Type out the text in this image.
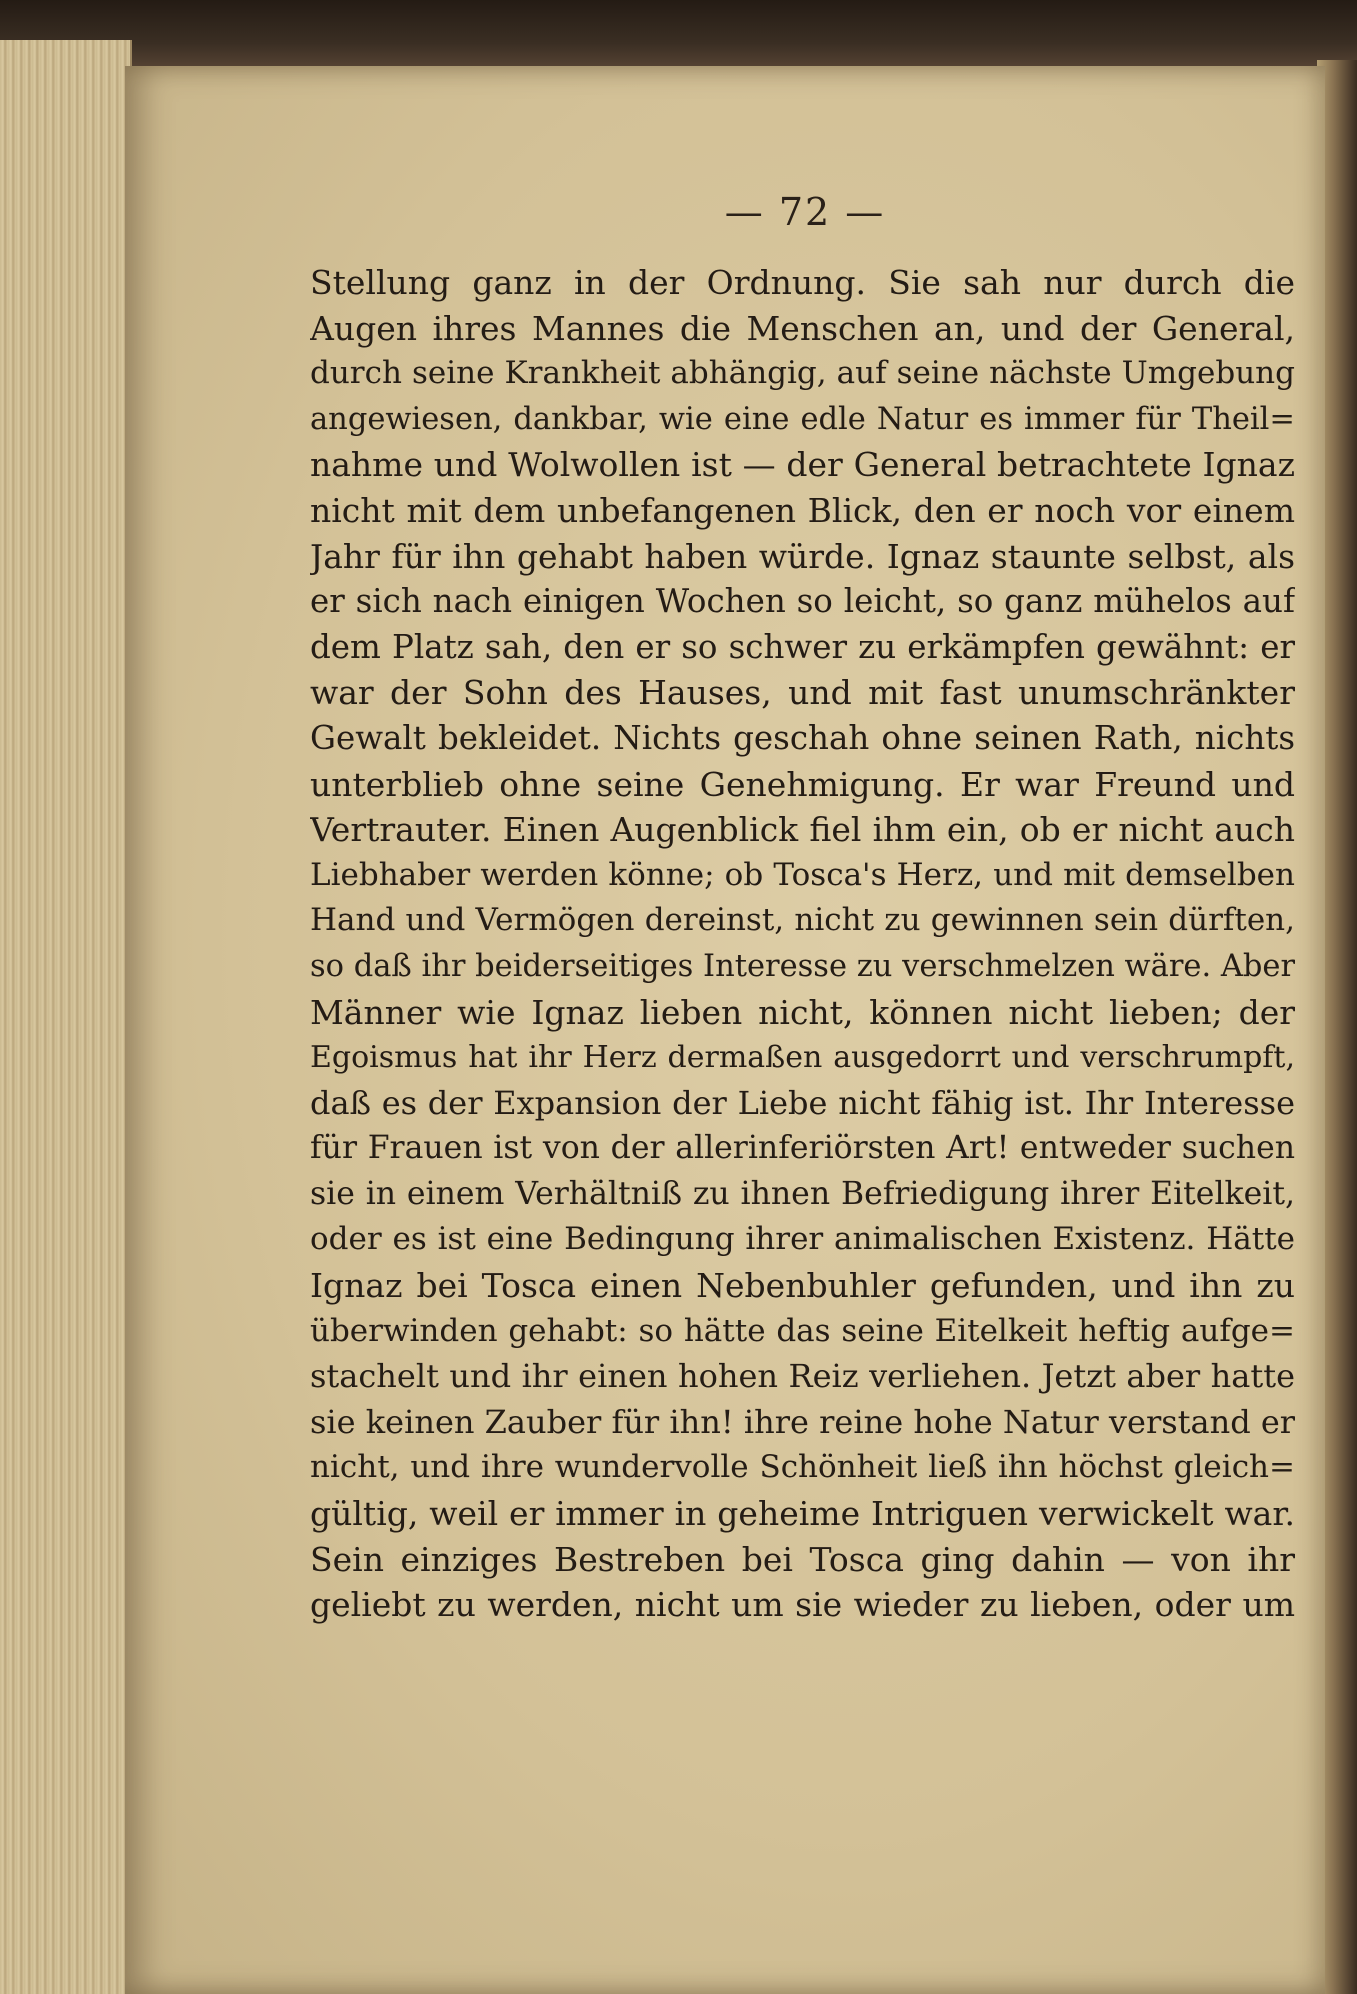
— 72 —
Stellung ganz in der Ordnung. Sie sah nur durch die
Augen ihres Mannes die Menschen an, und der General,
durch seine Krankheit abhängig, auf seine nächste Umgebung
angewiesen, dankbar, wie eine edle Natur es immer für Theil=
nahme und Wolwollen ist — der General betrachtete Ignaz
nicht mit dem unbefangenen Blick, den er noch vor einem
Jahr für ihn gehabt haben würde. Ignaz staunte selbst, als
er sich nach einigen Wochen so leicht, so ganz mühelos auf
dem Platz sah, den er so schwer zu erkämpfen gewähnt: er
war der Sohn des Hauses, und mit fast unumschränkter
Gewalt bekleidet. Nichts geschah ohne seinen Rath, nichts
unterblieb ohne seine Genehmigung. Er war Freund und
Vertrauter. Einen Augenblick fiel ihm ein, ob er nicht auch
Liebhaber werden könne; ob Tosca's Herz, und mit demselben
Hand und Vermögen dereinst, nicht zu gewinnen sein dürften,
so daß ihr beiderseitiges Interesse zu verschmelzen wäre. Aber
Männer wie Ignaz lieben nicht, können nicht lieben; der
Egoismus hat ihr Herz dermaßen ausgedorrt und verschrumpft,
daß es der Expansion der Liebe nicht fähig ist. Ihr Interesse
für Frauen ist von der allerinferiörsten Art! entweder suchen
sie in einem Verhältniß zu ihnen Befriedigung ihrer Eitelkeit,
oder es ist eine Bedingung ihrer animalischen Existenz. Hätte
Ignaz bei Tosca einen Nebenbuhler gefunden, und ihn zu
überwinden gehabt: so hätte das seine Eitelkeit heftig aufge=
stachelt und ihr einen hohen Reiz verliehen. Jetzt aber hatte
sie keinen Zauber für ihn! ihre reine hohe Natur verstand er
nicht, und ihre wundervolle Schönheit ließ ihn höchst gleich=
gültig, weil er immer in geheime Intriguen verwickelt war.
Sein einziges Bestreben bei Tosca ging dahin — von ihr
geliebt zu werden, nicht um sie wieder zu lieben, oder um
